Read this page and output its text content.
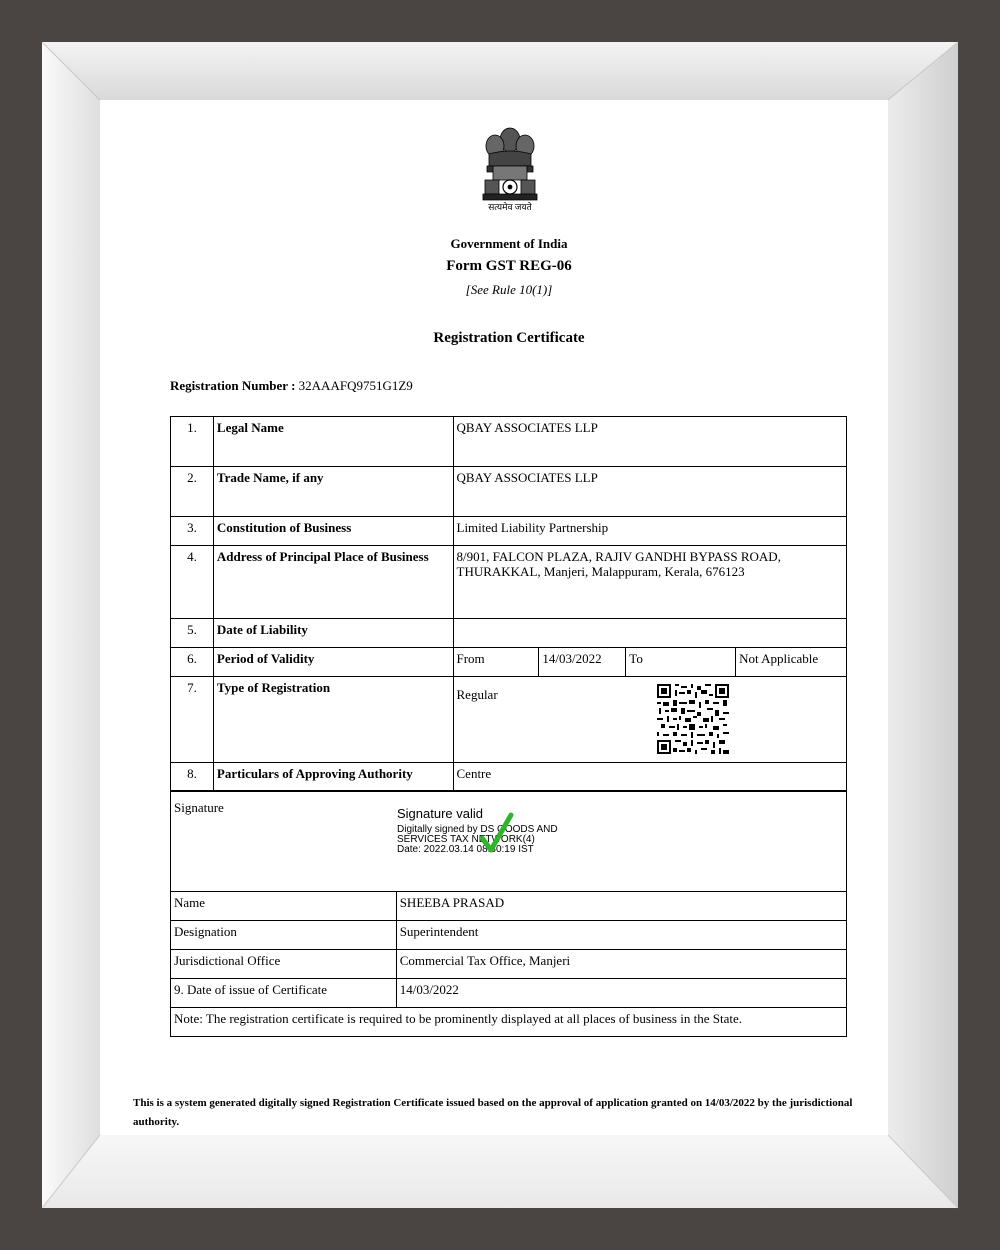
सत्यमेव जयते
Government of India
Form GST REG-06
[See Rule 10(1)]
Registration Certificate
Registration Number : 32AAAFQ9751G1Z9
1.	Legal Name	QBAY ASSOCIATES LLP			
2.	Trade Name, if any	QBAY ASSOCIATES LLP			
3.	Constitution of Business	Limited Liability Partnership			
4.	Address of Principal Place of Business	8/901, FALCON PLAZA, RAJIV GANDHI BYPASS ROAD, THURAKKAL, Manjeri, Malappuram, Kerala, 676123			
5.	Date of Liability				
6.	Period of Validity	From	14/03/2022	To	Not Applicable
7.	Type of Registration	Regular			

8.	Particulars of Approving Authority	Centre			
Signature	

Name	SHEEBA PRASAD
Designation	Superintendent
Jurisdictional Office	Commercial Tax Office, Manjeri
9. Date of issue of Certificate	14/03/2022
Note: The registration certificate is required to be prominently displayed at all places of business in the State.	
Signature valid
Digitally signed by DS GOODS AND
SERVICES TAX NETWORK(4)
Date: 2022.03.14 08:30:19 IST
This is a system generated digitally signed Registration Certificate issued based on the approval of application granted on 14/03/2022 by the jurisdictional authority.
